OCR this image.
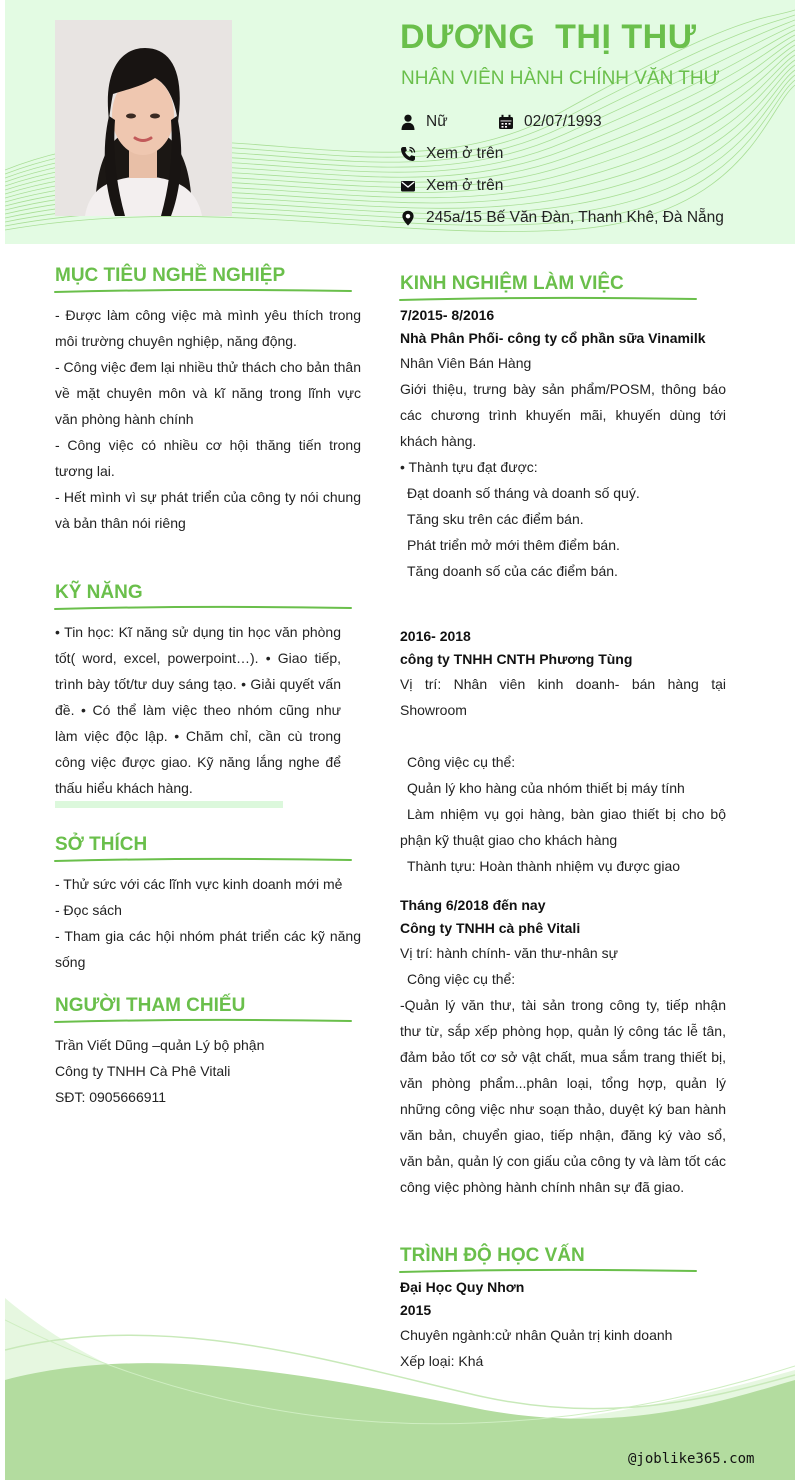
DƯƠNG  THỊ THƯ
NHÂN VIÊN HÀNH CHÍNH VĂN THƯ
Nữ	02/07/1993
Xem ở trên
Xem ở trên
245a/15 Bế Văn Đàn, Thanh Khê, Đà Nẵng
MỤC TIÊU NGHỀ NGHIỆP

- Được làm công việc mà mình yêu thích trong môi trường chuyên nghiệp, năng động.

- Công việc đem lại nhiều thử thách cho bản thân về mặt chuyên môn và kĩ năng trong lĩnh vực văn phòng hành chính

- Công việc có nhiều cơ hội thăng tiến trong tương lai.

- Hết mình vì sự phát triển của công ty nói chung và bản thân nói riêng

KỸ NĂNG

• Tin học: Kĩ năng sử dụng tin học văn phòng tốt( word, excel, powerpoint…). • Giao tiếp, trình bày tốt/tư duy sáng tạo. • Giải quyết vấn đề. • Có thể làm việc theo nhóm cũng như làm việc độc lập. • Chăm chỉ, cần cù trong công việc được giao. Kỹ năng lắng nghe để thấu hiểu khách hàng.

SỞ THÍCH

- Thử sức với các lĩnh vực kinh doanh mới mẻ

- Đọc sách

- Tham gia các hội nhóm phát triển các kỹ năng sống

NGƯỜI THAM CHIẾU

Trần Viết Dũng –quản Lý bộ phận

Công ty TNHH Cà Phê Vitali

SĐT: 0905666911

KINH NGHIỆM LÀM VIỆC
7/2015- 8/2016
Nhà Phân Phối- công ty cổ phần sữa Vinamilk
Nhân Viên Bán Hàng
Giới thiệu, trưng bày sản phẩm/POSM, thông báo các chương trình khuyến mãi, khuyến dùng tới khách hàng.
• Thành tựu đạt được:
Đạt doanh số tháng và doanh số quý.
Tăng sku trên các điểm bán.
Phát triển mở mới thêm điểm bán.
Tăng doanh số của các điểm bán.
2016- 2018
công ty TNHH CNTH Phương Tùng
Vị trí: Nhân viên kinh doanh- bán hàng tại Showroom
Công việc cụ thể:
Quản lý kho hàng của nhóm thiết bị máy tính
Làm nhiệm vụ gọi hàng, bàn giao thiết bị cho bộ phận kỹ thuật giao cho khách hàng
Thành tựu: Hoàn thành nhiệm vụ được giao
Tháng 6/2018 đến nay
Công ty TNHH cà phê Vitali
Vị trí: hành chính- văn thư-nhân sự
Công việc cụ thể:
-Quản lý văn thư, tài sản trong công ty, tiếp nhận thư từ, sắp xếp phòng họp, quản lý công tác lễ tân, đảm bảo tốt cơ sở vật chất, mua sắm trang thiết bị, văn phòng phẩm...phân loại, tổng hợp, quản lý những công việc như soạn thảo, duyệt ký ban hành văn bản, chuyển giao, tiếp nhận, đăng ký vào sổ, văn bản, quản lý con giấu của công ty và làm tốt các công việc phòng hành chính nhân sự đã giao.
TRÌNH ĐỘ HỌC VẤN
Đại Học Quy Nhơn
2015
Chuyên ngành:cử nhân Quản trị kinh doanh
Xếp loại: Khá
@joblike365.com
